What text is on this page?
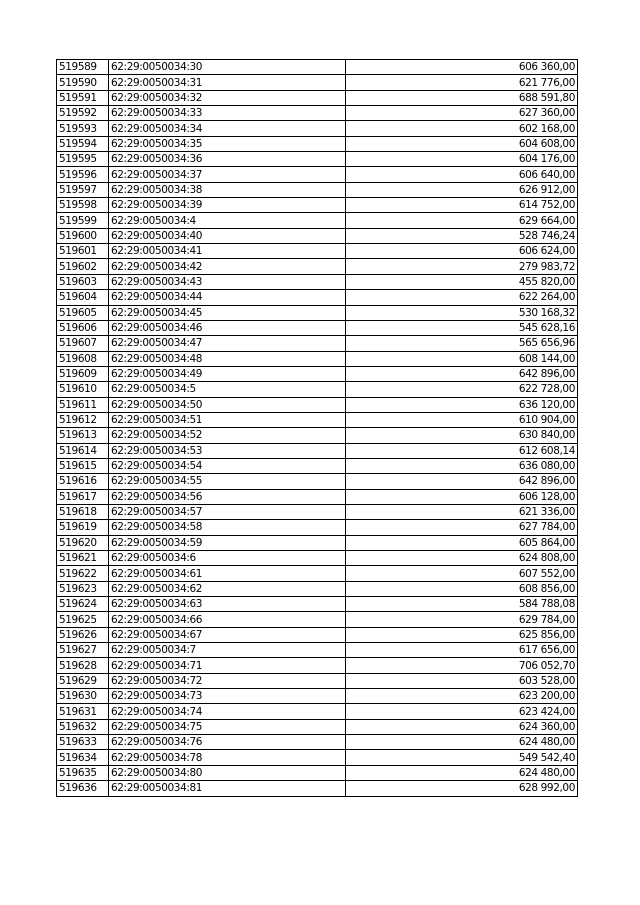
519589	62:29:0050034:30	606 360,00
519590	62:29:0050034:31	621 776,00
519591	62:29:0050034:32	688 591,80
519592	62:29:0050034:33	627 360,00
519593	62:29:0050034:34	602 168,00
519594	62:29:0050034:35	604 608,00
519595	62:29:0050034:36	604 176,00
519596	62:29:0050034:37	606 640,00
519597	62:29:0050034:38	626 912,00
519598	62:29:0050034:39	614 752,00
519599	62:29:0050034:4	629 664,00
519600	62:29:0050034:40	528 746,24
519601	62:29:0050034:41	606 624,00
519602	62:29:0050034:42	279 983,72
519603	62:29:0050034:43	455 820,00
519604	62:29:0050034:44	622 264,00
519605	62:29:0050034:45	530 168,32
519606	62:29:0050034:46	545 628,16
519607	62:29:0050034:47	565 656,96
519608	62:29:0050034:48	608 144,00
519609	62:29:0050034:49	642 896,00
519610	62:29:0050034:5	622 728,00
519611	62:29:0050034:50	636 120,00
519612	62:29:0050034:51	610 904,00
519613	62:29:0050034:52	630 840,00
519614	62:29:0050034:53	612 608,14
519615	62:29:0050034:54	636 080,00
519616	62:29:0050034:55	642 896,00
519617	62:29:0050034:56	606 128,00
519618	62:29:0050034:57	621 336,00
519619	62:29:0050034:58	627 784,00
519620	62:29:0050034:59	605 864,00
519621	62:29:0050034:6	624 808,00
519622	62:29:0050034:61	607 552,00
519623	62:29:0050034:62	608 856,00
519624	62:29:0050034:63	584 788,08
519625	62:29:0050034:66	629 784,00
519626	62:29:0050034:67	625 856,00
519627	62:29:0050034:7	617 656,00
519628	62:29:0050034:71	706 052,70
519629	62:29:0050034:72	603 528,00
519630	62:29:0050034:73	623 200,00
519631	62:29:0050034:74	623 424,00
519632	62:29:0050034:75	624 360,00
519633	62:29:0050034:76	624 480,00
519634	62:29:0050034:78	549 542,40
519635	62:29:0050034:80	624 480,00
519636	62:29:0050034:81	628 992,00
